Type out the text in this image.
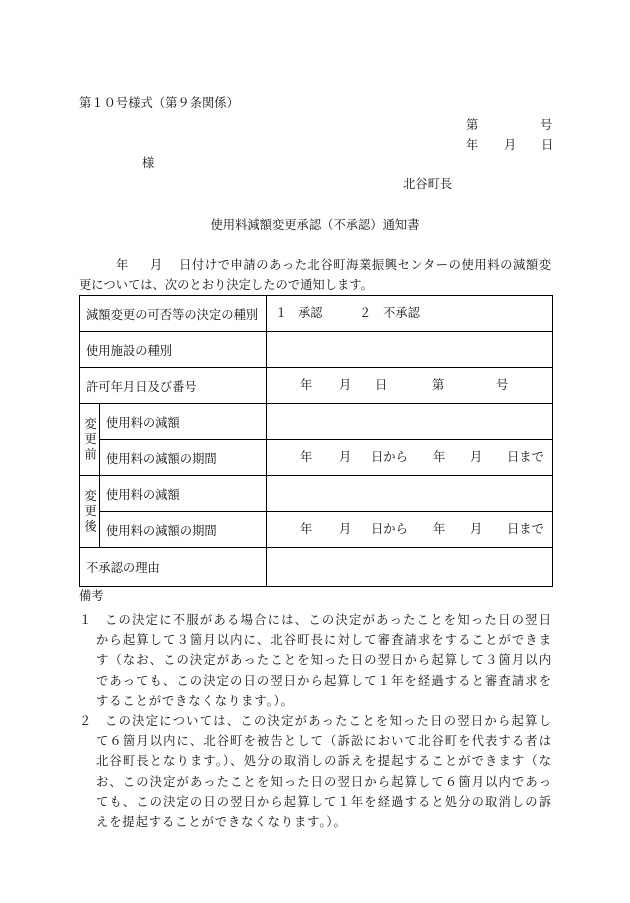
第１０号様式（第９条関係）
第	号
年 月 日
様
北谷町長
使用料減額変更承認（不承認）通知書
年 月 日付けで申請のあった北谷町海業振興センターの使用料の減額変
更については、次のとおり決定したので通知します。
減額変更の可否等の決定の種別	１ 承認	２ 不承認
使用施設の種別
許可年月日及び番号	年 月 日	第	号
変更前 使用料の減額
使用料の減額の期間	年 月 日から 年 月 日まで
変更後 使用料の減額
使用料の減額の期間	年 月 日から 年 月 日まで
不承認の理由
備考
１	この決定に不服がある場合には、この決定があったことを知った日の翌日
から起算して３箇月以内に、北谷町長に対して審査請求をすることができま
す（なお、この決定があったことを知った日の翌日から起算して３箇月以内
であっても、この決定の日の翌日から起算して１年を経過すると審査請求を
することができなくなります。）。
２	この決定については、この決定があったことを知った日の翌日から起算し
て６箇月以内に、北谷町を被告として（訴訟において北谷町を代表する者は
北谷町長となります。）、処分の取消しの訴えを提起することができます（な
お、この決定があったことを知った日の翌日から起算して６箇月以内であっ
ても、この決定の日の翌日から起算して１年を経過すると処分の取消しの訴
えを提起することができなくなります。）。
